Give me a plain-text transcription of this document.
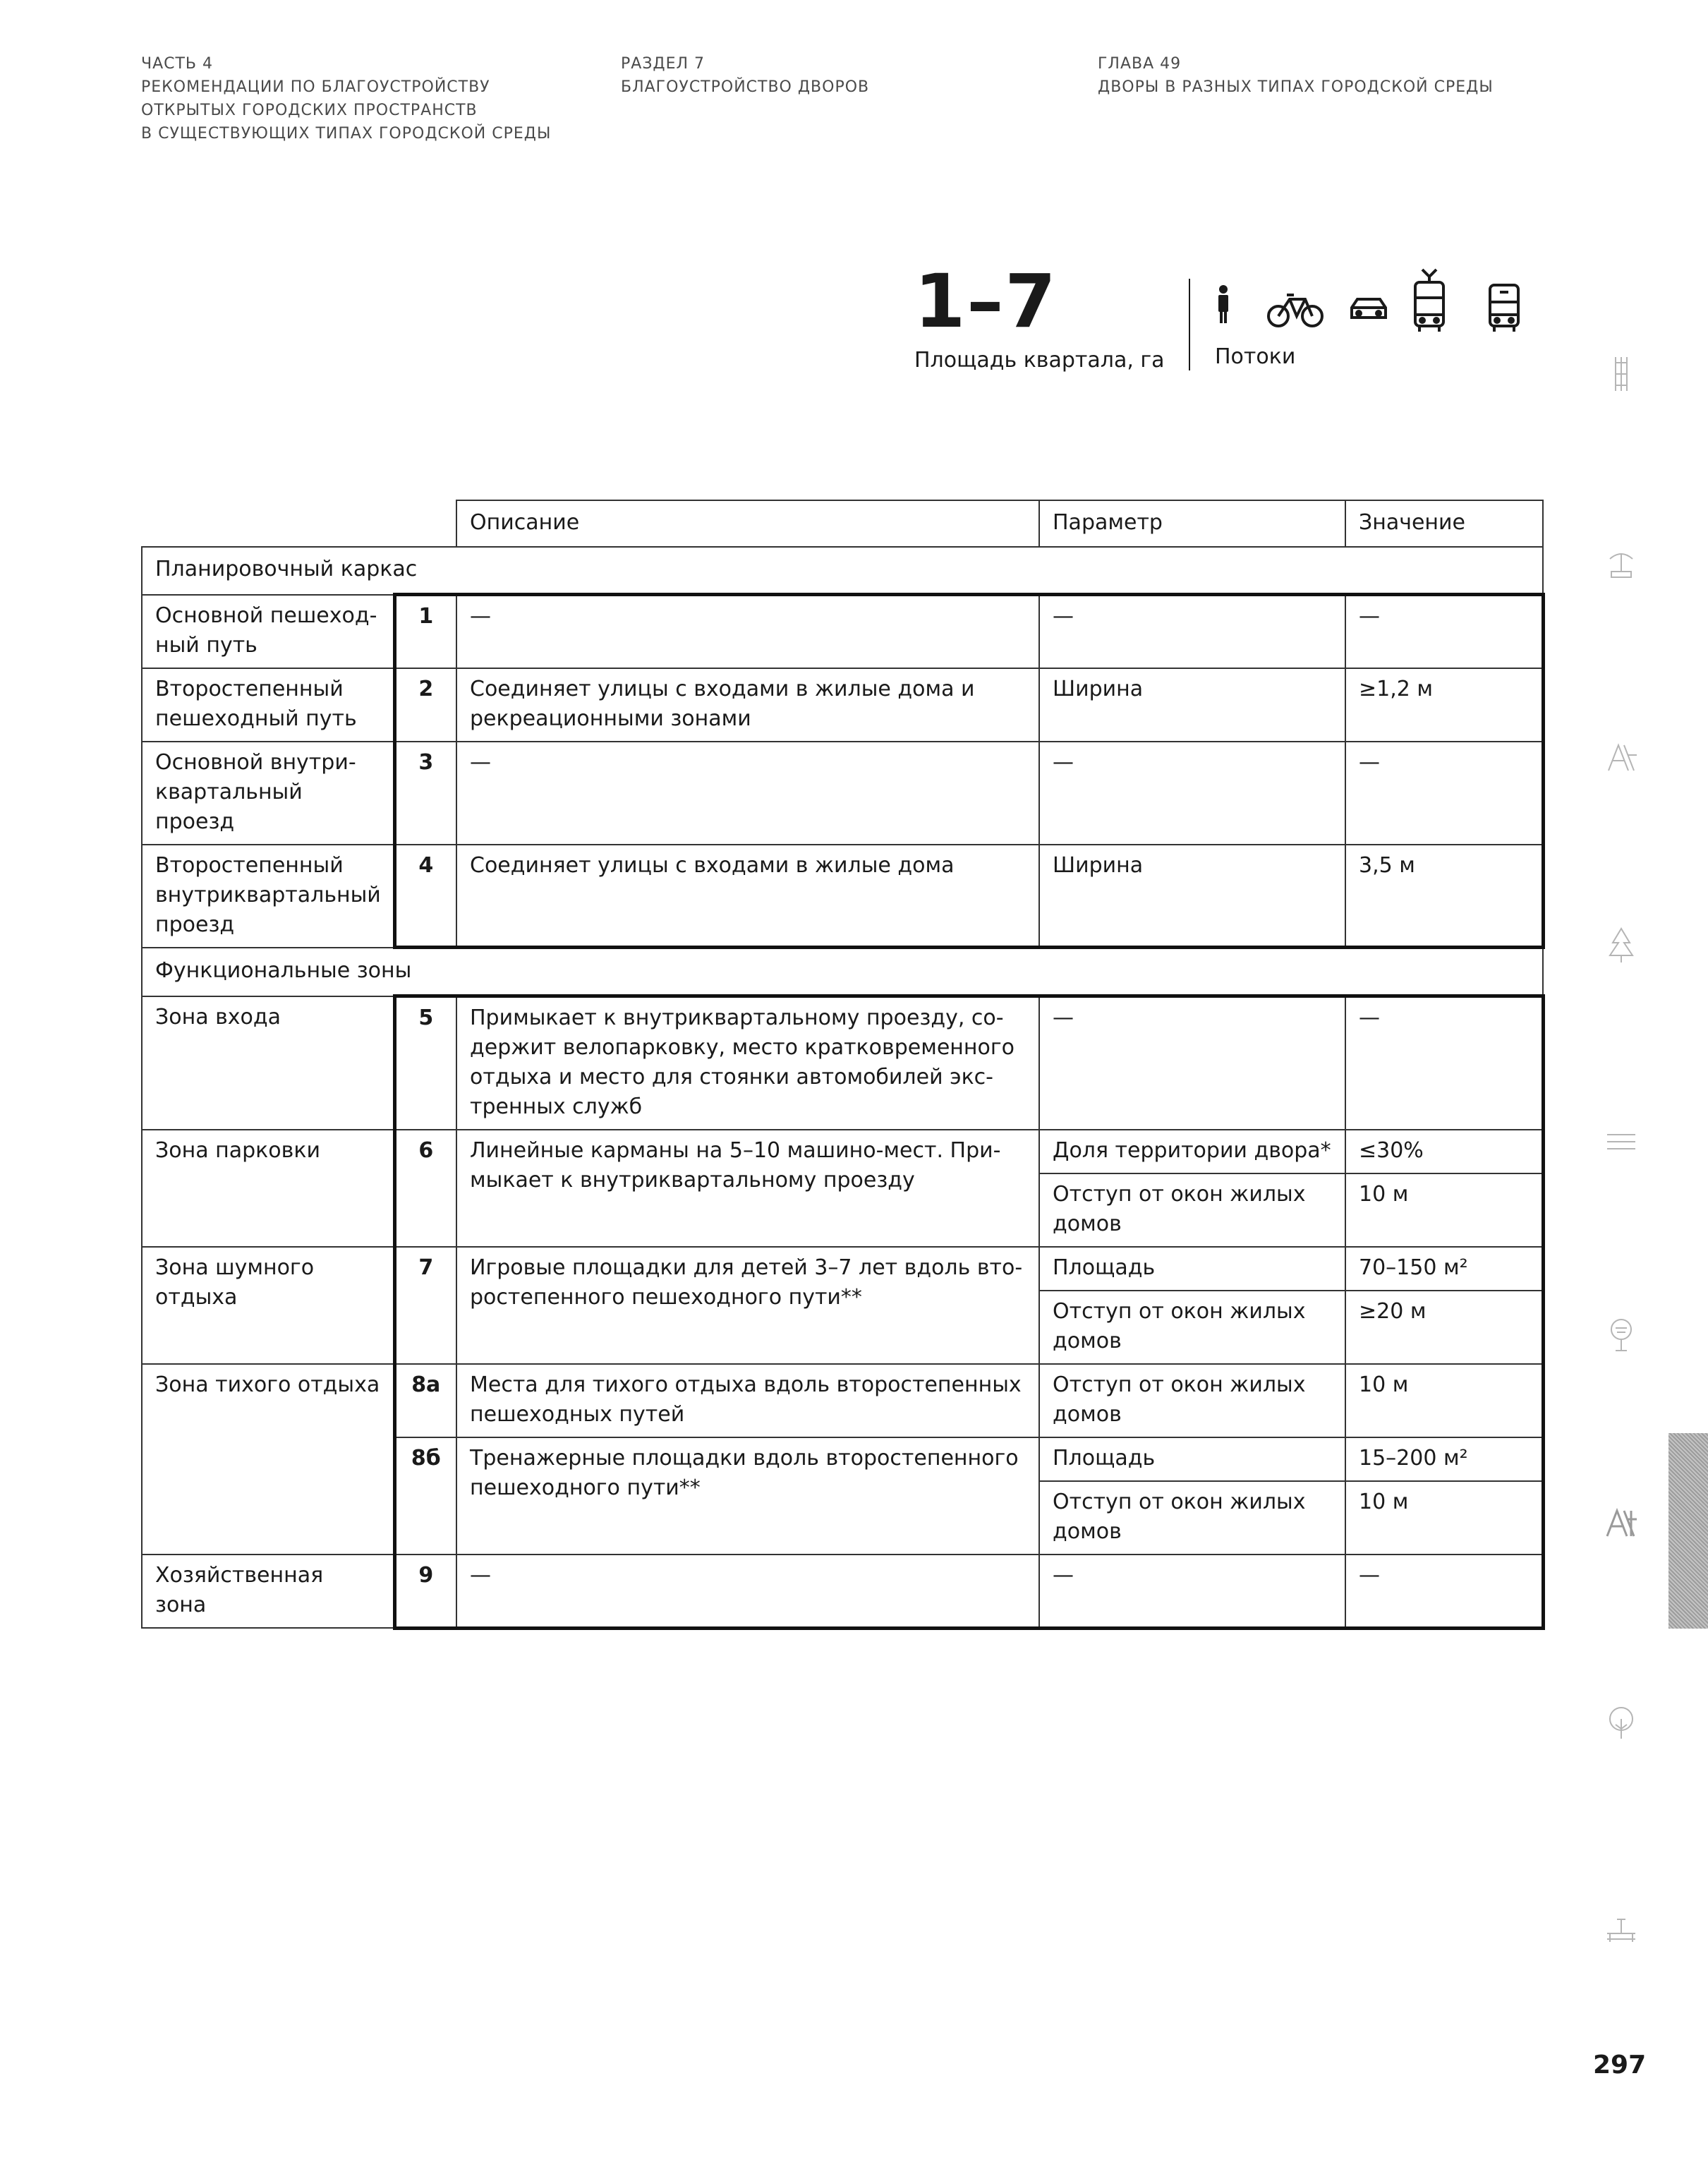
ЧАСТЬ 4
РЕКОМЕНДАЦИИ ПО БЛАГОУСТРОЙСТВУ
ОТКРЫТЫХ ГОРОДСКИХ ПРОСТРАНСТВ
В СУЩЕСТВУЮЩИХ ТИПАХ ГОРОДСКОЙ СРЕДЫ
РАЗДЕЛ 7
БЛАГОУСТРОЙСТВО ДВОРОВ
ГЛАВА 49
ДВОРЫ В РАЗНЫХ ТИПАХ ГОРОДСКОЙ СРЕДЫ
1–7
Площадь квартала, га	Потоки
		Описание	Параметр	Значение
Планировочный каркас				
Основной пешеход-ный путь	1	—	—	—
Второстепенный пешеходный путь	2	Соединяет улицы с входами в жилые дома и рекреационными зонами	Ширина	≥1,2 м
Основной внутри-квартальный проезд	3	—	—	—
Второстепенный внутриквартальный проезд	4	Соединяет улицы с входами в жилые дома	Ширина	3,5 м
Функциональные зоны				
Зона входа	5	Примыкает к внутриквартальному проезду, со-держит велопарковку, место кратковременного отдыха и место для стоянки автомобилей экс-тренных служб	—	—
Зона парковки	6	Линейные карманы на 5–10 машино-мест. При-мыкает к внутриквартальному проезду	Доля территории двора*	≤30%
			Отступ от окон жилых домов	10 м
Зона шумного отдыха	7	Игровые площадки для детей 3–7 лет вдоль вто-ростепенного пешеходного пути**	Площадь	70–150 м²
			Отступ от окон жилых домов	≥20 м
Зона тихого отдыха	8а	Места для тихого отдыха вдоль второстепенных пешеходных путей	Отступ от окон жилых домов	10 м
	8б	Тренажерные площадки вдоль второстепенного пешеходного пути**	Площадь	15–200 м²
			Отступ от окон жилых домов	10 м
Хозяйственная зона	9	—	—	—
297
